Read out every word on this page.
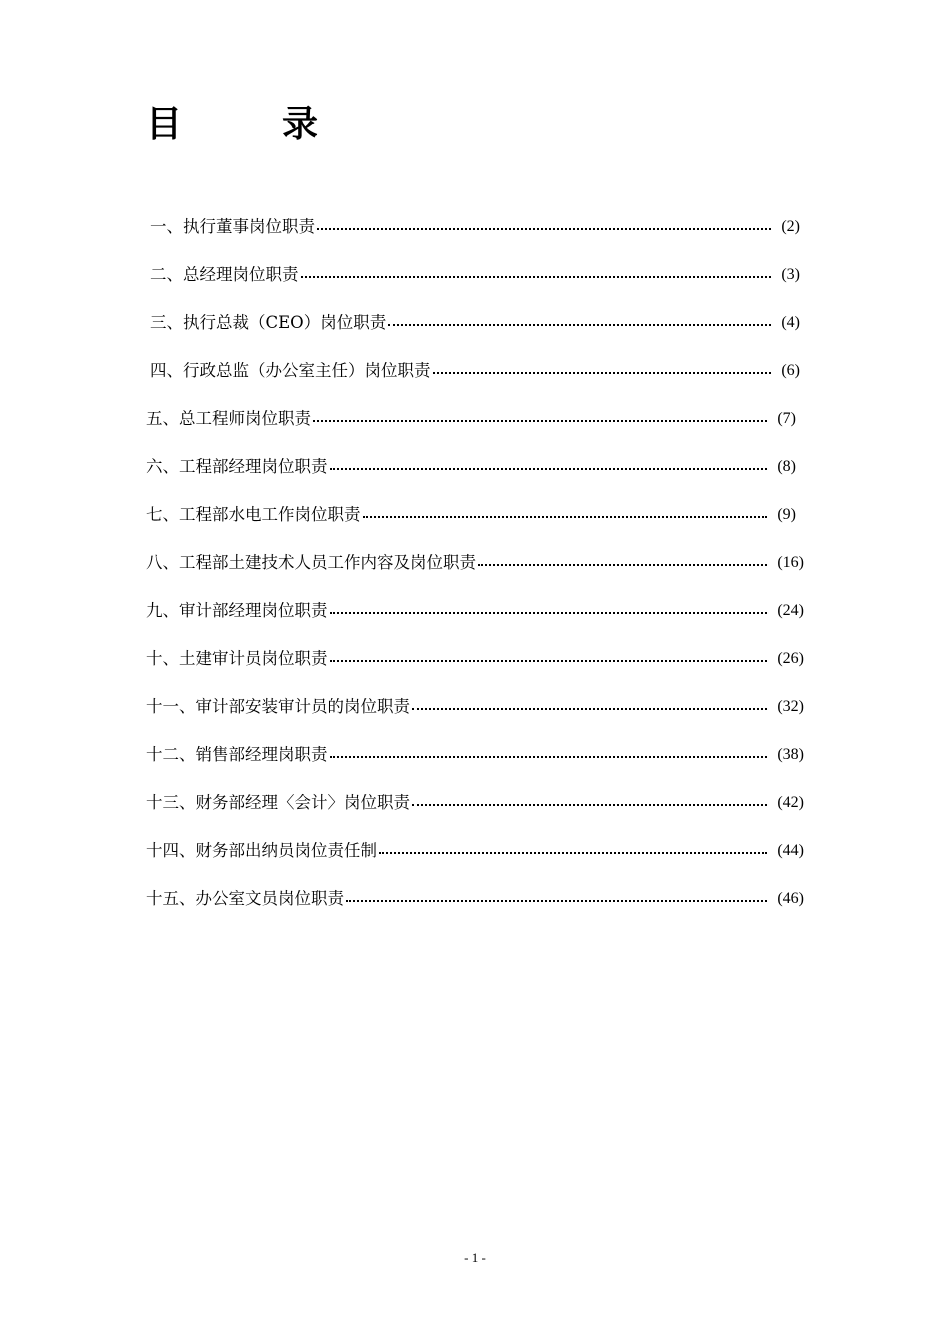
目	录
一、执行董事岗位职责	(2)
二、总经理岗位职责	(3)
三、执行总裁（CEO）岗位职责	(4)
四、行政总监（办公室主任）岗位职责	(6)
五、总工程师岗位职责	(7)
六、工程部经理岗位职责	(8)
七、工程部水电工作岗位职责	(9)
八、工程部土建技术人员工作内容及岗位职责	(16)
九、审计部经理岗位职责	(24)
十、土建审计员岗位职责	(26)
十一、审计部安装审计员的岗位职责	(32)
十二、销售部经理岗职责	(38)
十三、财务部经理〈会计〉岗位职责	(42)
十四、财务部出纳员岗位责任制	(44)
十五、办公室文员岗位职责	(46)
- 1 -
